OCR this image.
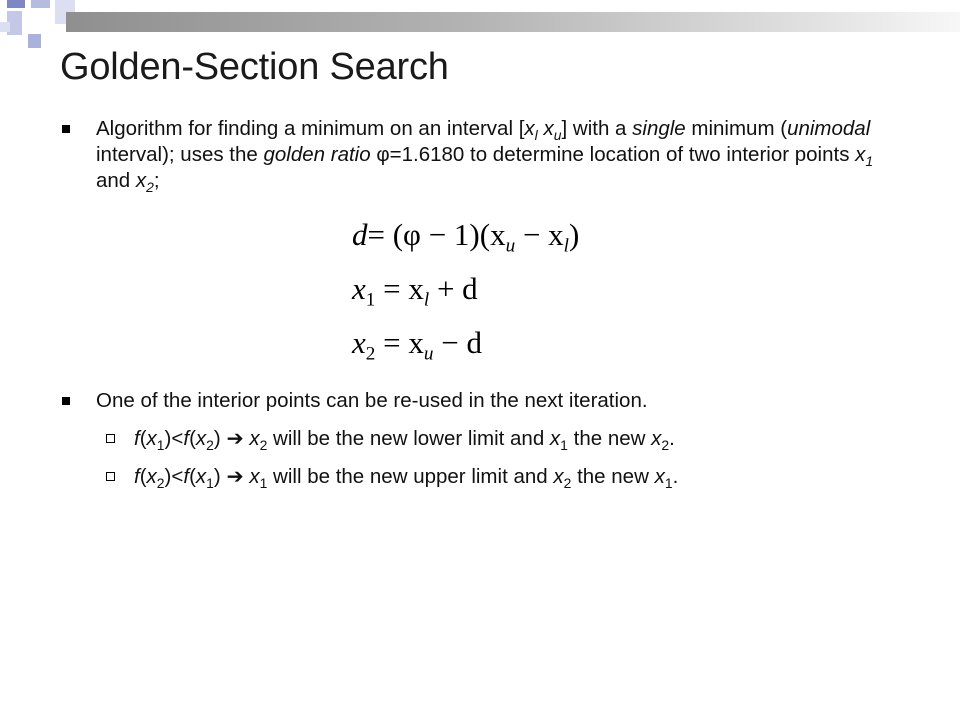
Golden-Section Search
Algorithm for finding a minimum on an interval [$x_l$ $x_u$] with a single minimum (unimodal interval); uses the golden ratio φ=1.6180 to determine location of two interior points $x_1$ and $x_2$;
$d= (\varphi - 1)(x_u - x_l)$
$x_1 = x_l + d$
$x_2 = x_u - d$
One of the interior points can be re-used in the next iteration.
$f(x_1)<f(x_2)$ ➔ $x_2$ will be the new lower limit and $x_1$ the new $x_2$.
$f(x_2)<f(x_1)$ ➔ $x_1$ will be the new upper limit and $x_2$ the new $x_1$.
